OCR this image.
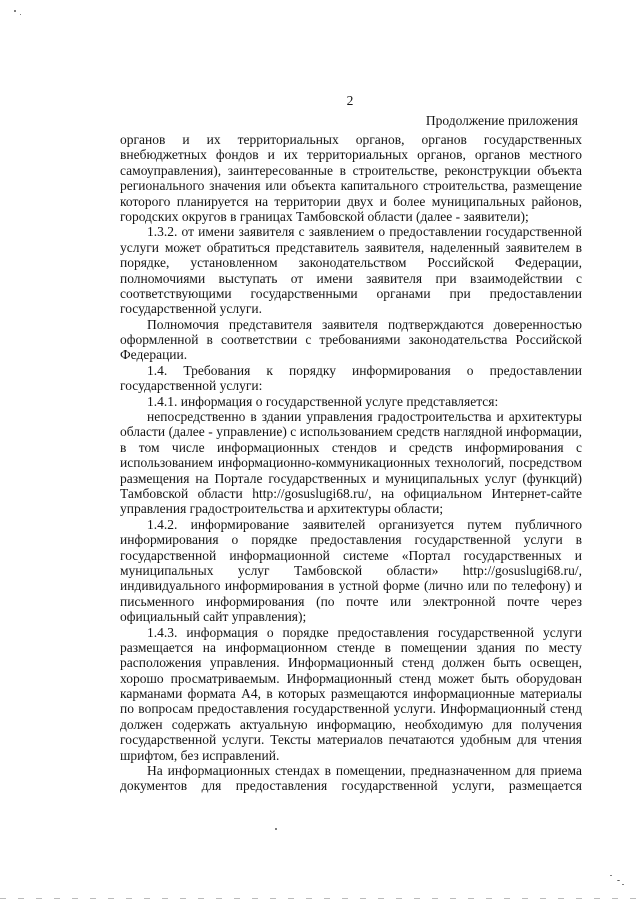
2
Продолжение приложения
органов и их территориальных органов, органов государственных
внебюджетных фондов и их территориальных органов, органов местного
самоуправления), заинтересованные в строительстве, реконструкции объекта
регионального значения или объекта капитального строительства, размещение
которого планируется на территории двух и более муниципальных районов,
городских округов в границах Тамбовской области (далее - заявители);
1.3.2. от имени заявителя с заявлением о предоставлении государственной
услуги может обратиться представитель заявителя, наделенный заявителем в
порядке, установленном законодательством Российской Федерации,
полномочиями выступать от имени заявителя при взаимодействии с
соответствующими государственными органами при предоставлении
государственной услуги.
Полномочия представителя заявителя подтверждаются доверенностью
оформленной в соответствии с требованиями законодательства Российской
Федерации.
1.4. Требования к порядку информирования о предоставлении
государственной услуги:
1.4.1. информация о государственной услуге представляется:
непосредственно в здании управления градостроительства и архитектуры
области (далее - управление) с использованием средств наглядной информации,
в том числе информационных стендов и средств информирования с
использованием информационно-коммуникационных технологий, посредством
размещения на Портале государственных и муниципальных услуг (функций)
Тамбовской области http://gosuslugi68.ru/, на официальном Интернет-сайте
управления градостроительства и архитектуры области;
1.4.2. информирование заявителей организуется путем публичного
информирования о порядке предоставления государственной услуги в
государственной информационной системе «Портал государственных и
муниципальных услуг Тамбовской области» http://gosuslugi68.ru/,
индивидуального информирования в устной форме (лично или по телефону) и
письменного информирования (по почте или электронной почте через
официальный сайт управления);
1.4.3. информация о порядке предоставления государственной услуги
размещается на информационном стенде в помещении здания по месту
расположения управления. Информационный стенд должен быть освещен,
хорошо просматриваемым. Информационный стенд может быть оборудован
карманами формата А4, в которых размещаются информационные материалы
по вопросам предоставления государственной услуги. Информационный стенд
должен содержать актуальную информацию, необходимую для получения
государственной услуги. Тексты материалов печатаются удобным для чтения
шрифтом, без исправлений.
На информационных стендах в помещении, предназначенном для приема
документов для предоставления государственной услуги, размещается
